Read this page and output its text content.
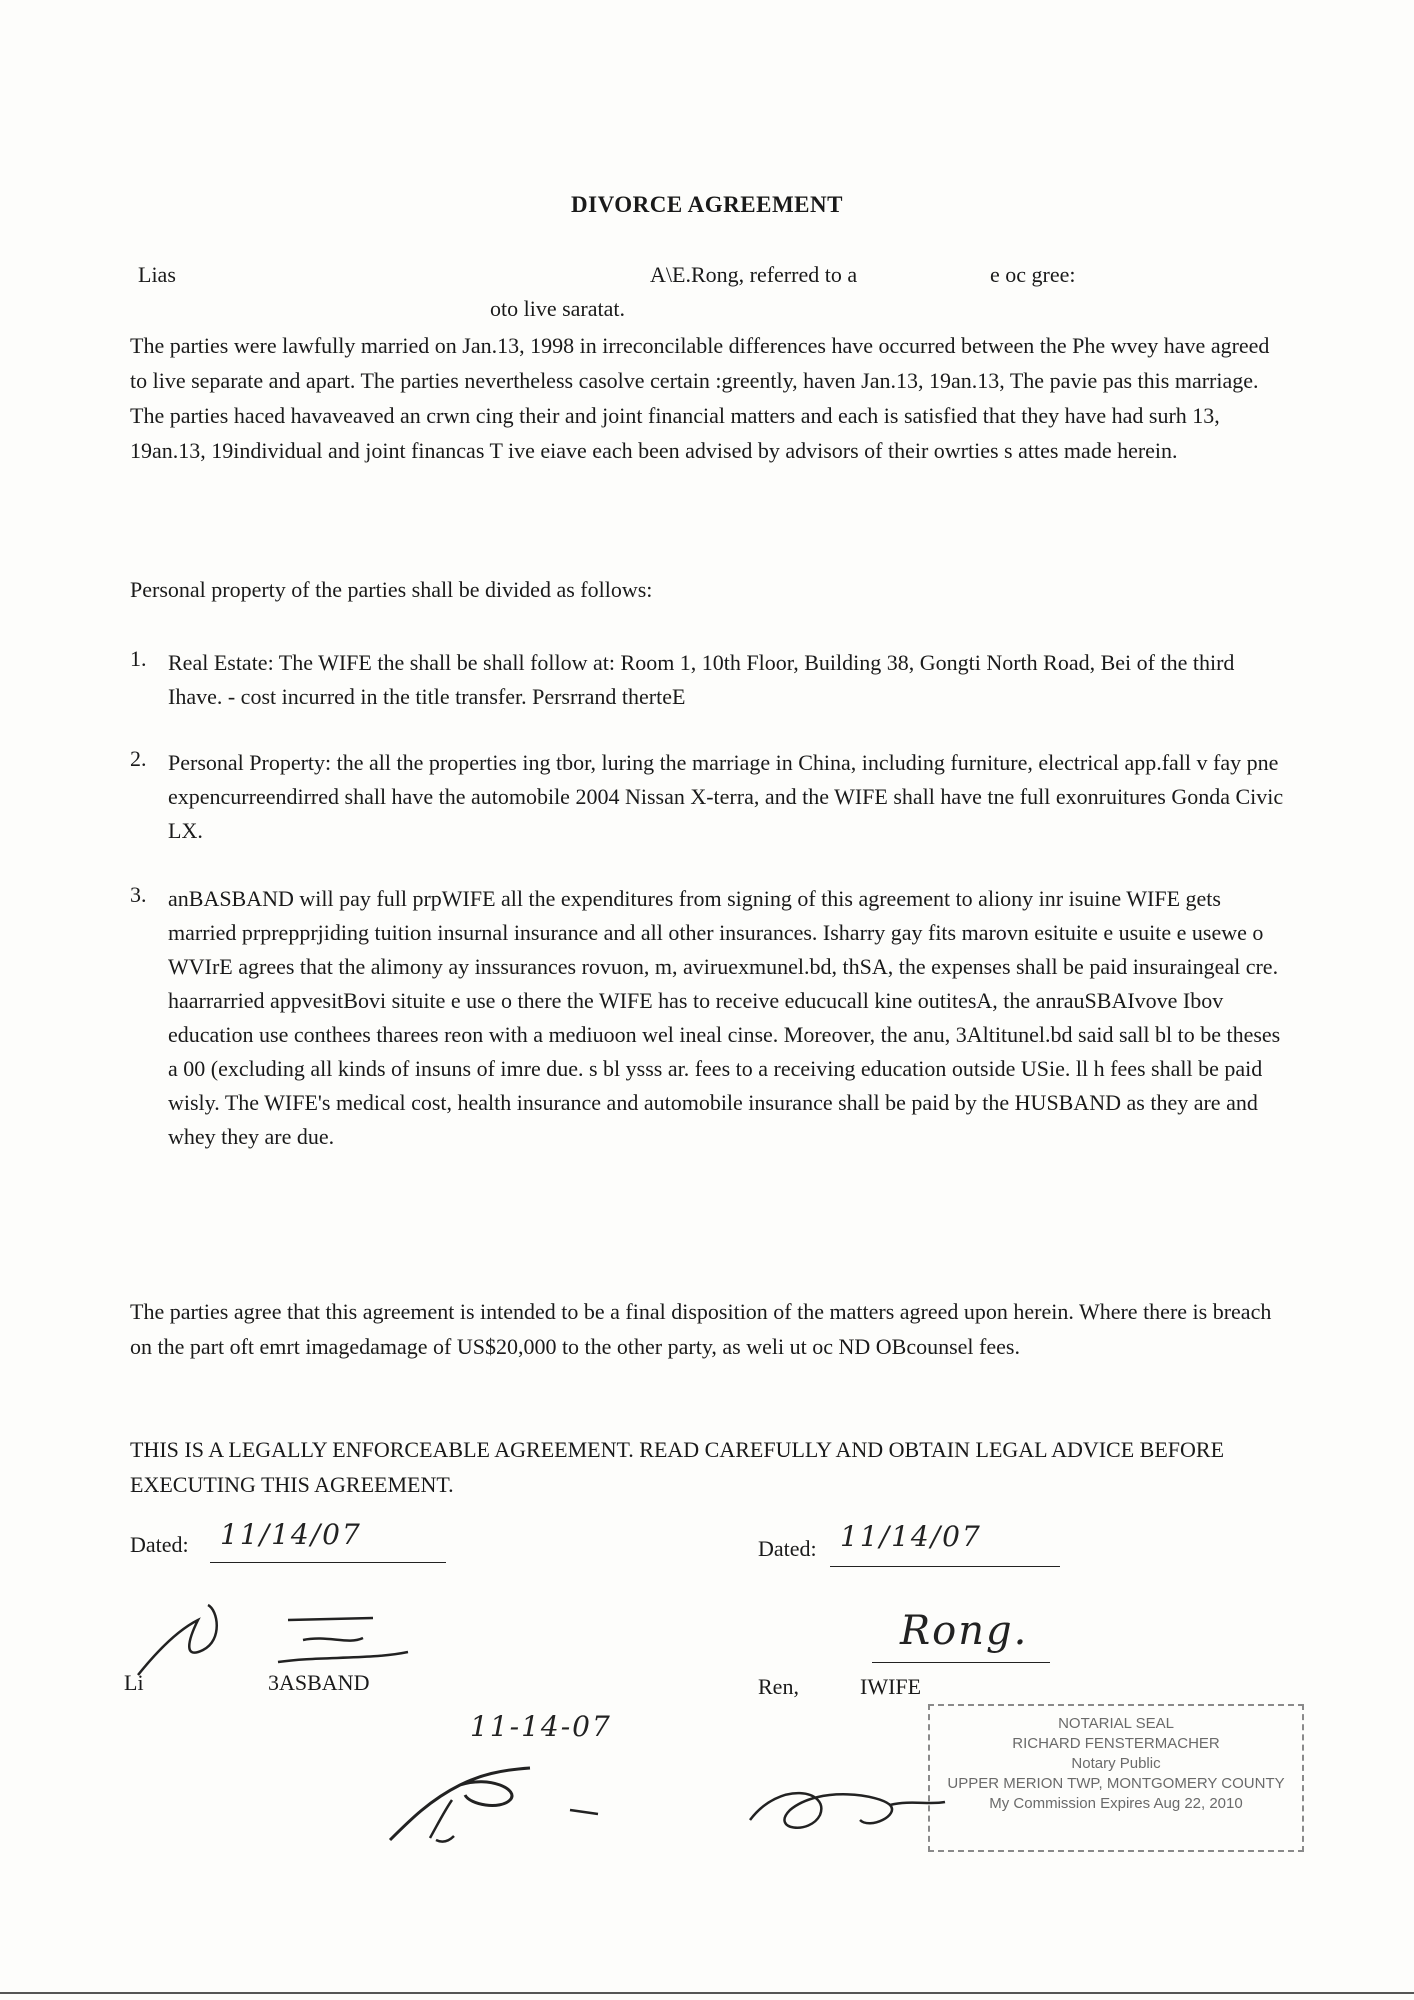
DIVORCE AGREEMENT
Lias	A\E.Rong, referred to a	e oc gree:
oto live saratat.
The parties were lawfully married on Jan.13, 1998 in irreconcilable differences have occurred between the Phe wvey have agreed to live separate and apart. The parties nevertheless casolve certain :greently, haven Jan.13, 19an.13, The pavie pas this marriage. The parties haced havaveaved an crwn cing their and joint financial matters and each is satisfied that they have had surh 13, 19an.13, 19individual and joint financas T ive eiave each been advised by advisors of their owrties s attes made herein.
Personal property of the parties shall be divided as follows:
1. Real Estate: The WIFE the shall be shall follow at: Room 1, 10th Floor, Building 38, Gongti North Road, Bei of the third Ihave. - cost incurred in the title transfer. Persrrand therteE
2. Personal Property: the all the properties ing tbor, luring the marriage in China, including furniture, electrical app.fall v fay pne expencurreendirred shall have the automobile 2004 Nissan X-terra, and the WIFE shall have tne full exonruitures Gonda Civic LX.
3. anBASBAND will pay full prpWIFE all the expenditures from signing of this agreement to aliony inr isuine WIFE gets married prprepprjiding tuition insurnal insurance and all other insurances. Isharry gay fits marovn esituite e usuite e usewe o WVIrE agrees that the alimony ay inssurances rovuon, m, aviruexmunel.bd, thSA, the expenses shall be paid insuraingeal cre. haarrarried appvesitBovi situite e use o there the WIFE has to receive educucall kine outitesA, the anrauSBAIvove Ibov education use conthees tharees reon with a mediuoon wel ineal cinse. Moreover, the anu, 3Altitunel.bd said sall bl to be theses a 00 (excluding all kinds of insuns of imre due. s bl ysss ar. fees to a receiving education outside USie. ll h fees shall be paid wisly. The WIFE's medical cost, health insurance and automobile insurance shall be paid by the HUSBAND as they are and whey they are due.
The parties agree that this agreement is intended to be a final disposition of the matters agreed upon herein. Where there is breach on the part oft emrt imagedamage of US$20,000 to the other party, as weli ut oc ND OBcounsel fees.
THIS IS A LEGALLY ENFORCEABLE AGREEMENT. READ CAREFULLY AND OBTAIN LEGAL ADVICE BEFORE EXECUTING THIS AGREEMENT.
Dated: 11/14/07	Dated: 11/14/07
Li	3ASBAND
Rong.
Ren,	IWIFE
11-14-07	NOTARIAL SEAL
RICHARD FENSTERMACHER
Notary Public
UPPER MERION TWP, MONTGOMERY COUNTY
My Commission Expires Aug 22, 2010
